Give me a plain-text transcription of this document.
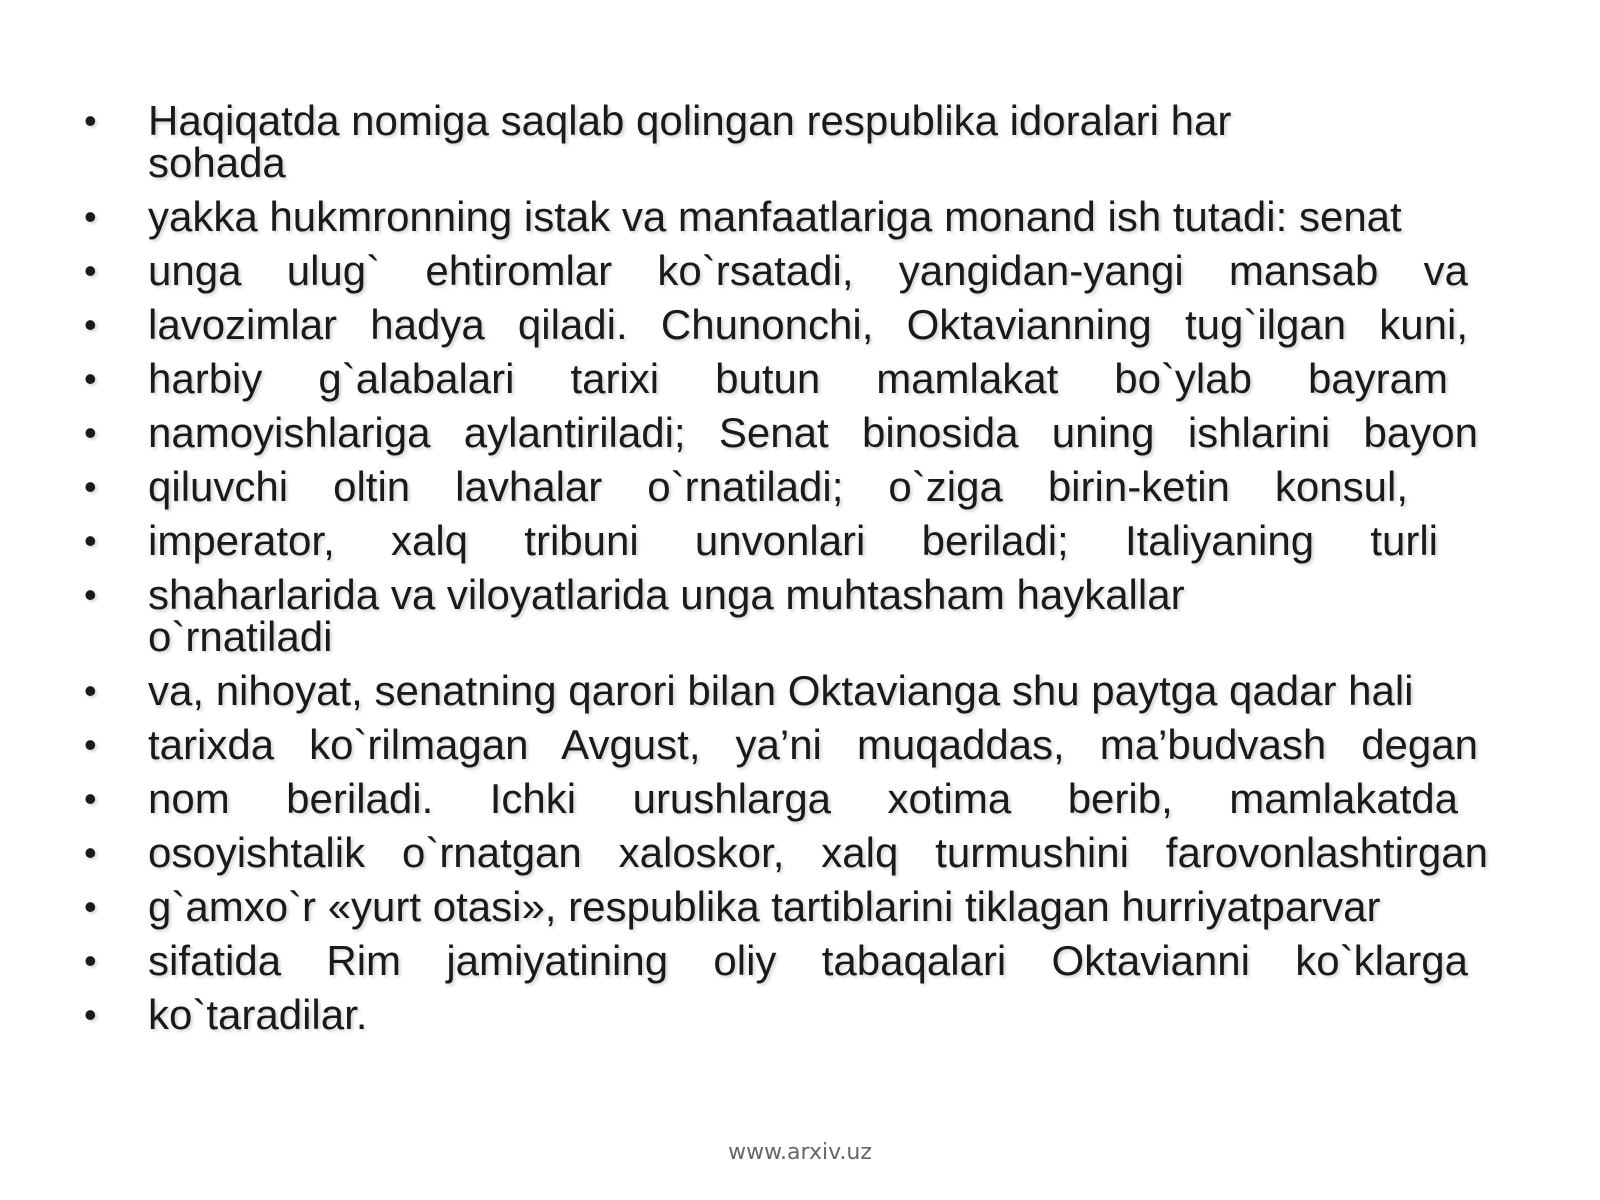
•	Haqiqatda nomiga saqlab qolingan respublika idoralari har sohada
•	yakka hukmronning istak va manfaatlariga monand ish tutadi: senat
•	unga ulug` ehtiromlar ko`rsatadi, yangidan-yangi mansab va
•	lavozimlar hadya qiladi. Chunonchi, Oktavianning tug`ilgan kuni,
•	harbiy g`alabalari tarixi butun mamlakat bo`ylab bayram
•	namoyishlariga aylantiriladi; Senat binosida uning ishlarini bayon
•	qiluvchi oltin lavhalar o`rnatiladi; o`ziga birin-ketin konsul,
•	imperator, xalq tribuni unvonlari beriladi; Italiyaning turli
•	shaharlarida va viloyatlarida unga muhtasham haykallar o`rnatiladi
•	va, nihoyat, senatning qarori bilan Oktavianga shu paytga qadar hali
•	tarixda ko`rilmagan Avgust, ya’ni muqaddas, ma’budvash degan
•	nom beriladi. Ichki urushlarga xotima berib, mamlakatda
•	osoyishtalik o`rnatgan xaloskor, xalq turmushini farovonlashtirgan
•	g`amxo`r «yurt otasi», respublika tartiblarini tiklagan hurriyatparvar
•	sifatida Rim jamiyatining oliy tabaqalari Oktavianni ko`klarga
•	ko`taradilar.
www.arxiv.uz
